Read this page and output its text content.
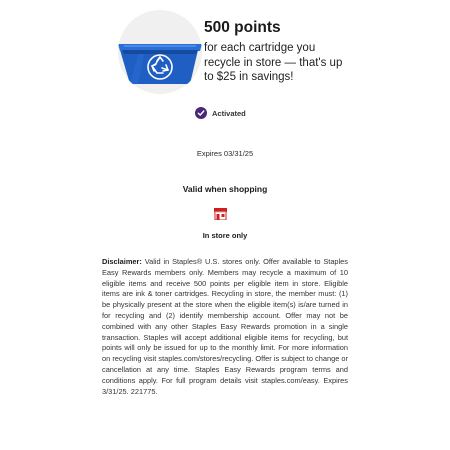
500 points
for each cartridge you recycle in store — that's up to $25 in savings!
Activated
Expires 03/31/25
Valid when shopping
In store only

Disclaimer: Valid in Staples® U.S. stores only. Offer available to Staples Easy Rewards members only. Members may recycle a maximum of 10 eligible items and receive 500 points per eligible item in store. Eligible items are ink & toner cartridges. Recycling in store, the member must: (1) be physically present at the store when the eligible item(s) is/are turned in for recycling and (2) identify membership account. Offer may not be combined with any other Staples Easy Rewards promotion in a single transaction. Staples will accept additional eligible items for recycling, but points will only be issued for up to the monthly limit. For more information on recycling visit staples.com/stores/recycling. Offer is subject to change or cancellation at any time. Staples Easy Rewards program terms and conditions apply. For full program details visit staples.com/easy. Expires 3/31/25. 221775.
